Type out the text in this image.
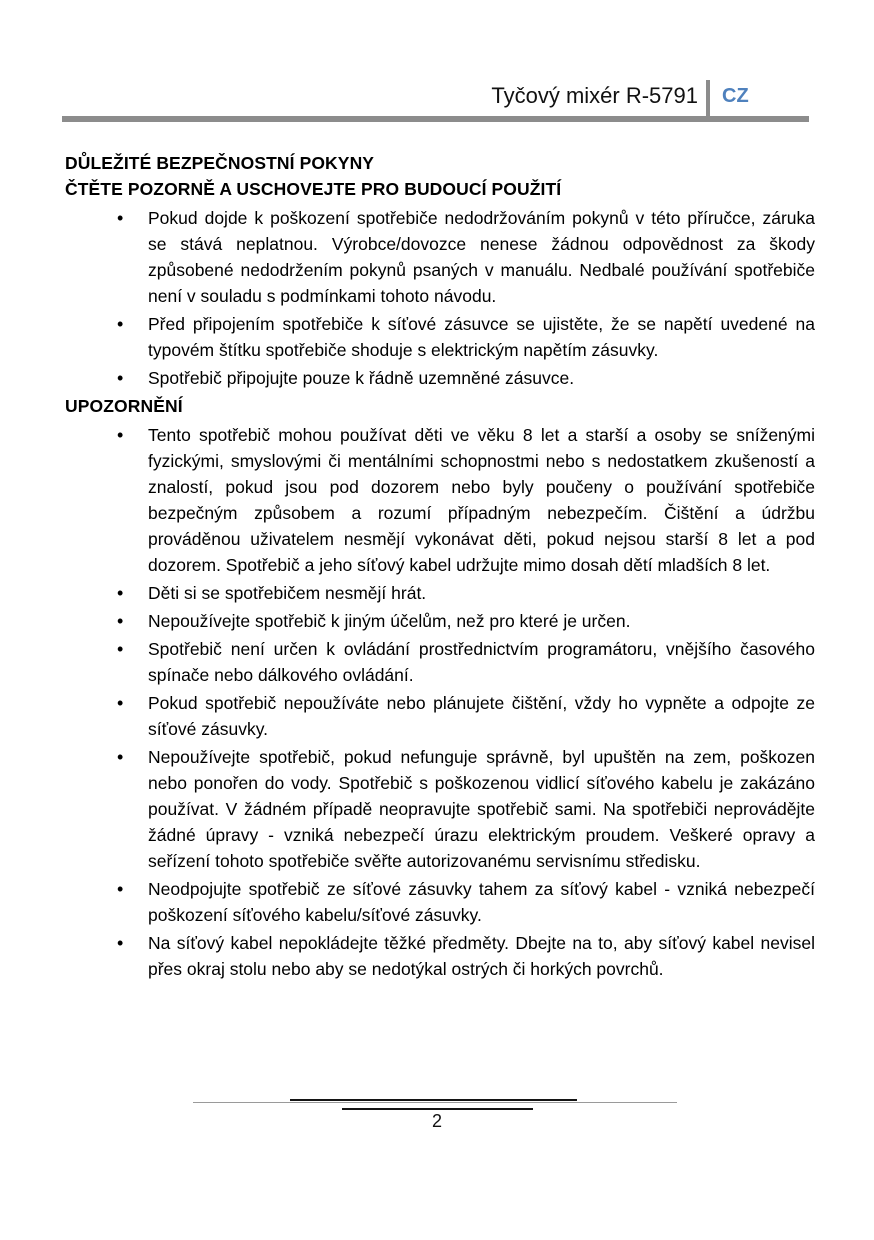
Tyčový mixér R-5791 CZ

DŮLEŽITÉ BEZPEČNOSTNÍ POKYNY

ČTĚTE POZORNĚ A USCHOVEJTE PRO BUDOUCÍ POUŽITÍ

• Pokud dojde k poškození spotřebiče nedodržováním pokynů v této příručce, záruka se stává neplatnou. Výrobce/dovozce nenese žádnou odpovědnost za škody způsobené nedodržením pokynů psaných v manuálu. Nedbalé používání spotřebiče není v souladu s podmínkami tohoto návodu.
• Před připojením spotřebiče k síťové zásuvce se ujistěte, že se napětí uvedené na typovém štítku spotřebiče shoduje s elektrickým napětím zásuvky.
• Spotřebič připojujte pouze k řádně uzemněné zásuvce.

UPOZORNĚNÍ

• Tento spotřebič mohou používat děti ve věku 8 let a starší a osoby se sníženými fyzickými, smyslovými či mentálními schopnostmi nebo s nedostatkem zkušeností a znalostí, pokud jsou pod dozorem nebo byly poučeny o používání spotřebiče bezpečným způsobem a rozumí případným nebezpečím. Čištění a údržbu prováděnou uživatelem nesmějí vykonávat děti, pokud nejsou starší 8 let a pod dozorem. Spotřebič a jeho síťový kabel udržujte mimo dosah dětí mladších 8 let.
• Děti si se spotřebičem nesmějí hrát.
• Nepoužívejte spotřebič k jiným účelům, než pro které je určen.
• Spotřebič není určen k ovládání prostřednictvím programátoru, vnějšího časového spínače nebo dálkového ovládání.
• Pokud spotřebič nepoužíváte nebo plánujete čištění, vždy ho vypněte a odpojte ze síťové zásuvky.
• Nepoužívejte spotřebič, pokud nefunguje správně, byl upuštěn na zem, poškozen nebo ponořen do vody. Spotřebič s poškozenou vidlicí síťového kabelu je zakázáno používat. V žádném případě neopravujte spotřebič sami. Na spotřebiči neprovádějte žádné úpravy - vzniká nebezpečí úrazu elektrickým proudem. Veškeré opravy a seřízení tohoto spotřebiče svěřte autorizovanému servisnímu středisku.
• Neodpojujte spotřebič ze síťové zásuvky tahem za síťový kabel - vzniká nebezpečí poškození síťového kabelu/síťové zásuvky.
• Na síťový kabel nepokládejte těžké předměty. Dbejte na to, aby síťový kabel nevisel přes okraj stolu nebo aby se nedotýkal ostrých či horkých povrchů.
2
